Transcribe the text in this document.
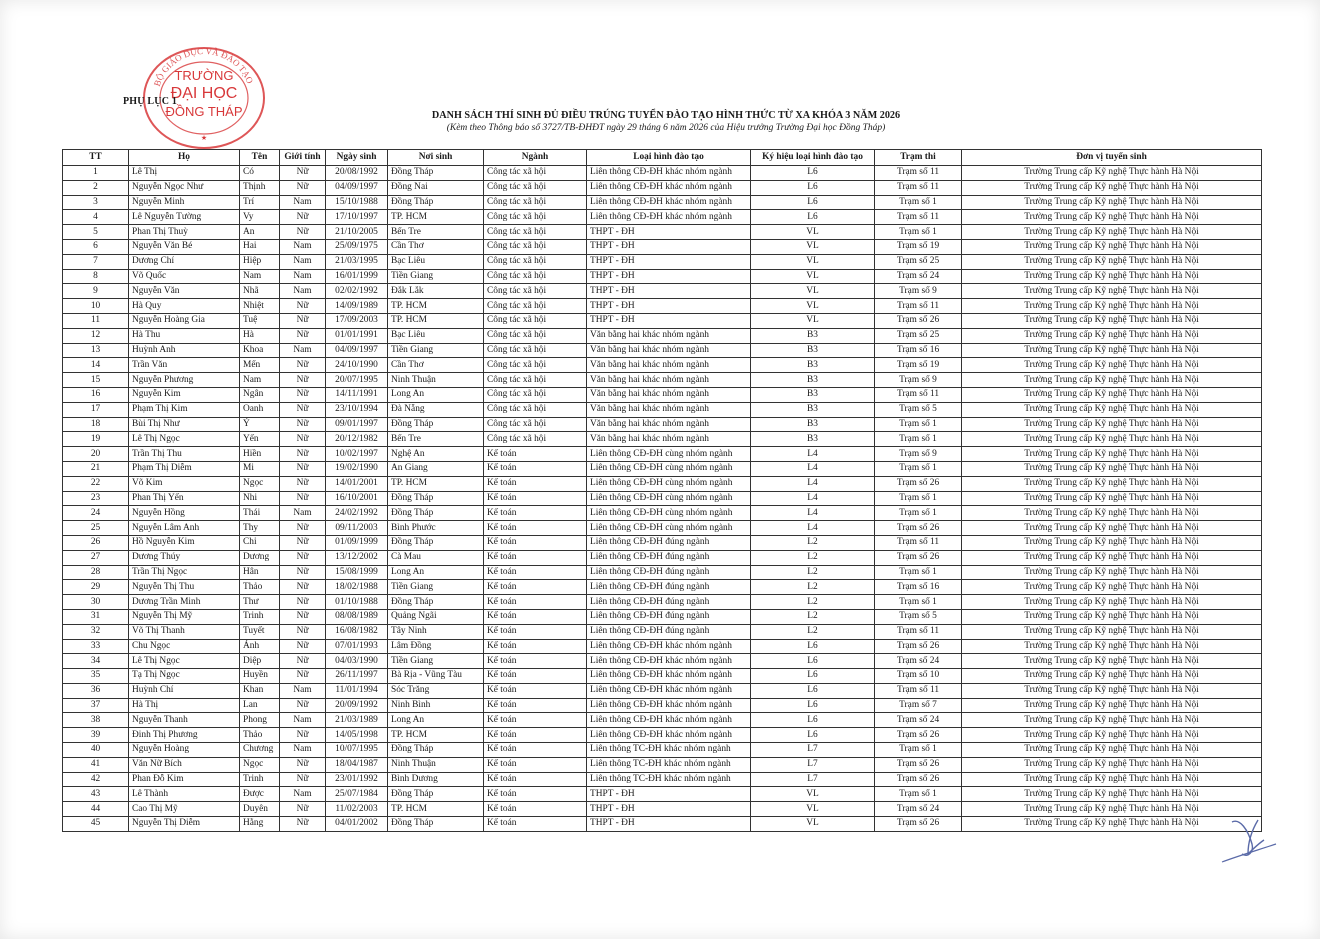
BỘ GIÁO DỤC VÀ ĐÀO TẠO
TRƯỜNG
ĐẠI HỌC
ĐỒNG THÁP
★
PHỤ LỤC 1
DANH SÁCH THÍ SINH ĐỦ ĐIỀU TRÚNG TUYỂN ĐÀO TẠO HÌNH THỨC TỪ XA KHÓA 3 NĂM 2026
(Kèm theo Thông báo số 3727/TB-ĐHĐT ngày 29 tháng 6 năm 2026 của Hiệu trưởng Trường Đại học Đồng Tháp)
TT	Họ	Tên	Giới tính	Ngày sinh	Nơi sinh	Ngành	Loại hình đào tạo	Ký hiệu loại hình đào tạo	Trạm thi	Đơn vị tuyển sinh
1	Lê Thị	Có	Nữ	20/08/1992	Đồng Tháp	Công tác xã hội	Liên thông CĐ-ĐH khác nhóm ngành	L6	Trạm số 11	Trường Trung cấp Kỹ nghệ Thực hành Hà Nội
2	Nguyễn Ngọc Như	Thịnh	Nữ	04/09/1997	Đồng Nai	Công tác xã hội	Liên thông CĐ-ĐH khác nhóm ngành	L6	Trạm số 11	Trường Trung cấp Kỹ nghệ Thực hành Hà Nội
3	Nguyễn Minh	Trí	Nam	15/10/1988	Đồng Tháp	Công tác xã hội	Liên thông CĐ-ĐH khác nhóm ngành	L6	Trạm số 1	Trường Trung cấp Kỹ nghệ Thực hành Hà Nội
4	Lê Nguyễn Tường	Vy	Nữ	17/10/1997	TP. HCM	Công tác xã hội	Liên thông CĐ-ĐH khác nhóm ngành	L6	Trạm số 11	Trường Trung cấp Kỹ nghệ Thực hành Hà Nội
5	Phan Thị Thuỳ	An	Nữ	21/10/2005	Bến Tre	Công tác xã hội	THPT - ĐH	VL	Trạm số 1	Trường Trung cấp Kỹ nghệ Thực hành Hà Nội
6	Nguyễn Văn Bé	Hai	Nam	25/09/1975	Cần Thơ	Công tác xã hội	THPT - ĐH	VL	Trạm số 19	Trường Trung cấp Kỹ nghệ Thực hành Hà Nội
7	Dương Chí	Hiệp	Nam	21/03/1995	Bạc Liêu	Công tác xã hội	THPT - ĐH	VL	Trạm số 25	Trường Trung cấp Kỹ nghệ Thực hành Hà Nội
8	Võ Quốc	Nam	Nam	16/01/1999	Tiền Giang	Công tác xã hội	THPT - ĐH	VL	Trạm số 24	Trường Trung cấp Kỹ nghệ Thực hành Hà Nội
9	Nguyễn Văn	Nhã	Nam	02/02/1992	Đắk Lắk	Công tác xã hội	THPT - ĐH	VL	Trạm số 9	Trường Trung cấp Kỹ nghệ Thực hành Hà Nội
10	Hà Quy	Nhiệt	Nữ	14/09/1989	TP. HCM	Công tác xã hội	THPT - ĐH	VL	Trạm số 11	Trường Trung cấp Kỹ nghệ Thực hành Hà Nội
11	Nguyễn Hoàng Gia	Tuệ	Nữ	17/09/2003	TP. HCM	Công tác xã hội	THPT - ĐH	VL	Trạm số 26	Trường Trung cấp Kỹ nghệ Thực hành Hà Nội
12	Hà Thu	Hà	Nữ	01/01/1991	Bạc Liêu	Công tác xã hội	Văn bằng hai khác nhóm ngành	B3	Trạm số 25	Trường Trung cấp Kỹ nghệ Thực hành Hà Nội
13	Huỳnh Anh	Khoa	Nam	04/09/1997	Tiền Giang	Công tác xã hội	Văn bằng hai khác nhóm ngành	B3	Trạm số 16	Trường Trung cấp Kỹ nghệ Thực hành Hà Nội
14	Trần Văn	Mến	Nữ	24/10/1990	Cần Thơ	Công tác xã hội	Văn bằng hai khác nhóm ngành	B3	Trạm số 19	Trường Trung cấp Kỹ nghệ Thực hành Hà Nội
15	Nguyễn Phương	Nam	Nữ	20/07/1995	Ninh Thuận	Công tác xã hội	Văn bằng hai khác nhóm ngành	B3	Trạm số 9	Trường Trung cấp Kỹ nghệ Thực hành Hà Nội
16	Nguyễn Kim	Ngân	Nữ	14/11/1991	Long An	Công tác xã hội	Văn bằng hai khác nhóm ngành	B3	Trạm số 11	Trường Trung cấp Kỹ nghệ Thực hành Hà Nội
17	Phạm Thị Kim	Oanh	Nữ	23/10/1994	Đà Nẵng	Công tác xã hội	Văn bằng hai khác nhóm ngành	B3	Trạm số 5	Trường Trung cấp Kỹ nghệ Thực hành Hà Nội
18	Bùi Thị Như	Ý	Nữ	09/01/1997	Đồng Tháp	Công tác xã hội	Văn bằng hai khác nhóm ngành	B3	Trạm số 1	Trường Trung cấp Kỹ nghệ Thực hành Hà Nội
19	Lê Thị Ngọc	Yến	Nữ	20/12/1982	Bến Tre	Công tác xã hội	Văn bằng hai khác nhóm ngành	B3	Trạm số 1	Trường Trung cấp Kỹ nghệ Thực hành Hà Nội
20	Trần Thị Thu	Hiền	Nữ	10/02/1997	Nghệ An	Kế toán	Liên thông CĐ-ĐH cùng nhóm ngành	L4	Trạm số 9	Trường Trung cấp Kỹ nghệ Thực hành Hà Nội
21	Phạm Thị Diễm	Mi	Nữ	19/02/1990	An Giang	Kế toán	Liên thông CĐ-ĐH cùng nhóm ngành	L4	Trạm số 1	Trường Trung cấp Kỹ nghệ Thực hành Hà Nội
22	Võ Kim	Ngọc	Nữ	14/01/2001	TP. HCM	Kế toán	Liên thông CĐ-ĐH cùng nhóm ngành	L4	Trạm số 26	Trường Trung cấp Kỹ nghệ Thực hành Hà Nội
23	Phan Thị Yến	Nhi	Nữ	16/10/2001	Đồng Tháp	Kế toán	Liên thông CĐ-ĐH cùng nhóm ngành	L4	Trạm số 1	Trường Trung cấp Kỹ nghệ Thực hành Hà Nội
24	Nguyễn Hồng	Thái	Nam	24/02/1992	Đồng Tháp	Kế toán	Liên thông CĐ-ĐH cùng nhóm ngành	L4	Trạm số 1	Trường Trung cấp Kỹ nghệ Thực hành Hà Nội
25	Nguyễn Lâm Anh	Thy	Nữ	09/11/2003	Bình Phước	Kế toán	Liên thông CĐ-ĐH cùng nhóm ngành	L4	Trạm số 26	Trường Trung cấp Kỹ nghệ Thực hành Hà Nội
26	Hồ Nguyễn Kim	Chi	Nữ	01/09/1999	Đồng Tháp	Kế toán	Liên thông CĐ-ĐH đúng ngành	L2	Trạm số 11	Trường Trung cấp Kỹ nghệ Thực hành Hà Nội
27	Dương Thúy	Dương	Nữ	13/12/2002	Cà Mau	Kế toán	Liên thông CĐ-ĐH đúng ngành	L2	Trạm số 26	Trường Trung cấp Kỹ nghệ Thực hành Hà Nội
28	Trần Thị Ngọc	Hân	Nữ	15/08/1999	Long An	Kế toán	Liên thông CĐ-ĐH đúng ngành	L2	Trạm số 1	Trường Trung cấp Kỹ nghệ Thực hành Hà Nội
29	Nguyễn Thị Thu	Thảo	Nữ	18/02/1988	Tiền Giang	Kế toán	Liên thông CĐ-ĐH đúng ngành	L2	Trạm số 16	Trường Trung cấp Kỹ nghệ Thực hành Hà Nội
30	Dương Trần Minh	Thư	Nữ	01/10/1988	Đồng Tháp	Kế toán	Liên thông CĐ-ĐH đúng ngành	L2	Trạm số 1	Trường Trung cấp Kỹ nghệ Thực hành Hà Nội
31	Nguyễn Thị Mỹ	Trinh	Nữ	08/08/1989	Quảng Ngãi	Kế toán	Liên thông CĐ-ĐH đúng ngành	L2	Trạm số 5	Trường Trung cấp Kỹ nghệ Thực hành Hà Nội
32	Võ Thị Thanh	Tuyết	Nữ	16/08/1982	Tây Ninh	Kế toán	Liên thông CĐ-ĐH đúng ngành	L2	Trạm số 11	Trường Trung cấp Kỹ nghệ Thực hành Hà Nội
33	Chu Ngọc	Ánh	Nữ	07/01/1993	Lâm Đồng	Kế toán	Liên thông CĐ-ĐH khác nhóm ngành	L6	Trạm số 26	Trường Trung cấp Kỹ nghệ Thực hành Hà Nội
34	Lê Thị Ngọc	Diệp	Nữ	04/03/1990	Tiền Giang	Kế toán	Liên thông CĐ-ĐH khác nhóm ngành	L6	Trạm số 24	Trường Trung cấp Kỹ nghệ Thực hành Hà Nội
35	Tạ Thị Ngọc	Huyền	Nữ	26/11/1997	Bà Rịa - Vũng Tàu	Kế toán	Liên thông CĐ-ĐH khác nhóm ngành	L6	Trạm số 10	Trường Trung cấp Kỹ nghệ Thực hành Hà Nội
36	Huỳnh Chí	Khan	Nam	11/01/1994	Sóc Trăng	Kế toán	Liên thông CĐ-ĐH khác nhóm ngành	L6	Trạm số 11	Trường Trung cấp Kỹ nghệ Thực hành Hà Nội
37	Hà Thị	Lan	Nữ	20/09/1992	Ninh Bình	Kế toán	Liên thông CĐ-ĐH khác nhóm ngành	L6	Trạm số 7	Trường Trung cấp Kỹ nghệ Thực hành Hà Nội
38	Nguyễn Thanh	Phong	Nam	21/03/1989	Long An	Kế toán	Liên thông CĐ-ĐH khác nhóm ngành	L6	Trạm số 24	Trường Trung cấp Kỹ nghệ Thực hành Hà Nội
39	Đinh Thị Phương	Thảo	Nữ	14/05/1998	TP. HCM	Kế toán	Liên thông CĐ-ĐH khác nhóm ngành	L6	Trạm số 26	Trường Trung cấp Kỹ nghệ Thực hành Hà Nội
40	Nguyễn Hoàng	Chương	Nam	10/07/1995	Đồng Tháp	Kế toán	Liên thông TC-ĐH khác nhóm ngành	L7	Trạm số 1	Trường Trung cấp Kỹ nghệ Thực hành Hà Nội
41	Văn Nữ Bích	Ngọc	Nữ	18/04/1987	Ninh Thuận	Kế toán	Liên thông TC-ĐH khác nhóm ngành	L7	Trạm số 26	Trường Trung cấp Kỹ nghệ Thực hành Hà Nội
42	Phan Đỗ Kim	Trinh	Nữ	23/01/1992	Bình Dương	Kế toán	Liên thông TC-ĐH khác nhóm ngành	L7	Trạm số 26	Trường Trung cấp Kỹ nghệ Thực hành Hà Nội
43	Lê Thành	Được	Nam	25/07/1984	Đồng Tháp	Kế toán	THPT - ĐH	VL	Trạm số 1	Trường Trung cấp Kỹ nghệ Thực hành Hà Nội
44	Cao Thị Mỹ	Duyên	Nữ	11/02/2003	TP. HCM	Kế toán	THPT - ĐH	VL	Trạm số 24	Trường Trung cấp Kỹ nghệ Thực hành Hà Nội
45	Nguyễn Thị Diễm	Hằng	Nữ	04/01/2002	Đồng Tháp	Kế toán	THPT - ĐH	VL	Trạm số 26	Trường Trung cấp Kỹ nghệ Thực hành Hà Nội
